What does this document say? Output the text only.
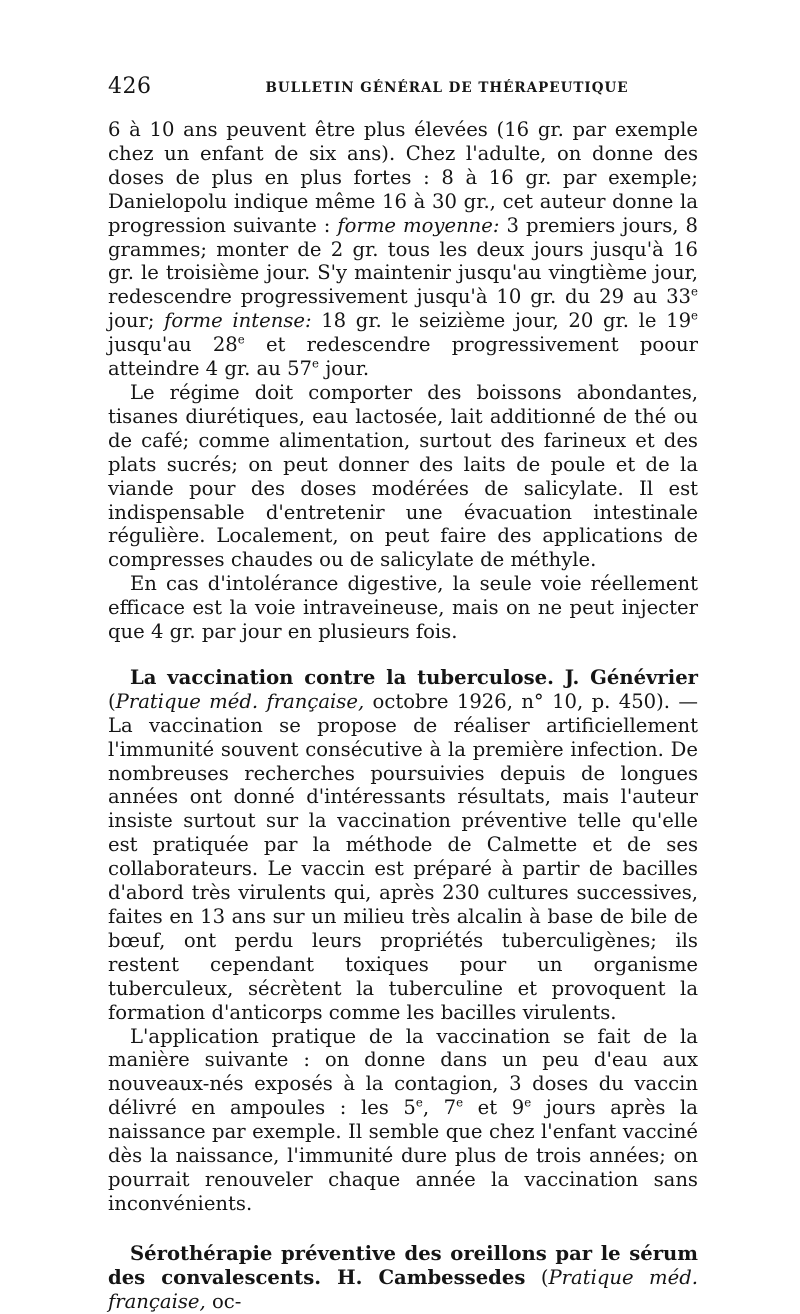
426	BULLETIN GÉNÉRAL DE THÉRAPEUTIQUE

6 à 10 ans peuvent être plus élevées (16 gr. par exemple chez un enfant de six ans). Chez l'adulte, on donne des doses de plus en plus fortes : 8 à 16 gr. par exemple; Danielopolu indique même 16 à 30 gr., cet auteur donne la progression suivante : forme moyenne: 3 premiers jours, 8 grammes; monter de 2 gr. tous les deux jours jusqu'à 16 gr. le troisième jour. S'y maintenir jusqu'au vingtième jour, redescendre progressivement jusqu'à 10 gr. du 29 au 33e jour; forme intense: 18 gr. le seizième jour, 20 gr. le 19e jusqu'au 28e et redescendre progressivement poour atteindre 4 gr. au 57e jour.

Le régime doit comporter des boissons abondantes, tisanes diurétiques, eau lactosée, lait additionné de thé ou de café; comme alimentation, surtout des farineux et des plats sucrés; on peut donner des laits de poule et de la viande pour des doses modérées de salicylate. Il est indispensable d'entretenir une évacuation intestinale régulière. Localement, on peut faire des applications de compresses chaudes ou de salicylate de méthyle.

En cas d'intolérance digestive, la seule voie réellement efficace est la voie intraveineuse, mais on ne peut injecter que 4 gr. par jour en plusieurs fois.

La vaccination contre la tuberculose. J. Génévrier (Pratique méd. française, octobre 1926, n° 10, p. 450). — La vaccination se propose de réaliser artificiellement l'immunité souvent consécutive à la première infection. De nombreuses recherches poursuivies depuis de longues années ont donné d'intéressants résultats, mais l'auteur insiste surtout sur la vaccination préventive telle qu'elle est pratiquée par la méthode de Calmette et de ses collaborateurs. Le vaccin est préparé à partir de bacilles d'abord très virulents qui, après 230 cultures successives, faites en 13 ans sur un milieu très alcalin à base de bile de bœuf, ont perdu leurs propriétés tuberculigènes; ils restent cependant toxiques pour un organisme tuberculeux, sécrètent la tuberculine et provoquent la formation d'anticorps comme les bacilles virulents.

L'application pratique de la vaccination se fait de la manière suivante : on donne dans un peu d'eau aux nouveaux-nés exposés à la contagion, 3 doses du vaccin délivré en ampoules : les 5e, 7e et 9e jours après la naissance par exemple. Il semble que chez l'enfant vacciné dès la naissance, l'immunité dure plus de trois années; on pourrait renouveler chaque année la vaccination sans inconvénients.

Sérothérapie préventive des oreillons par le sérum des convalescents. H. Cambessedes (Pratique méd. française, oc-
